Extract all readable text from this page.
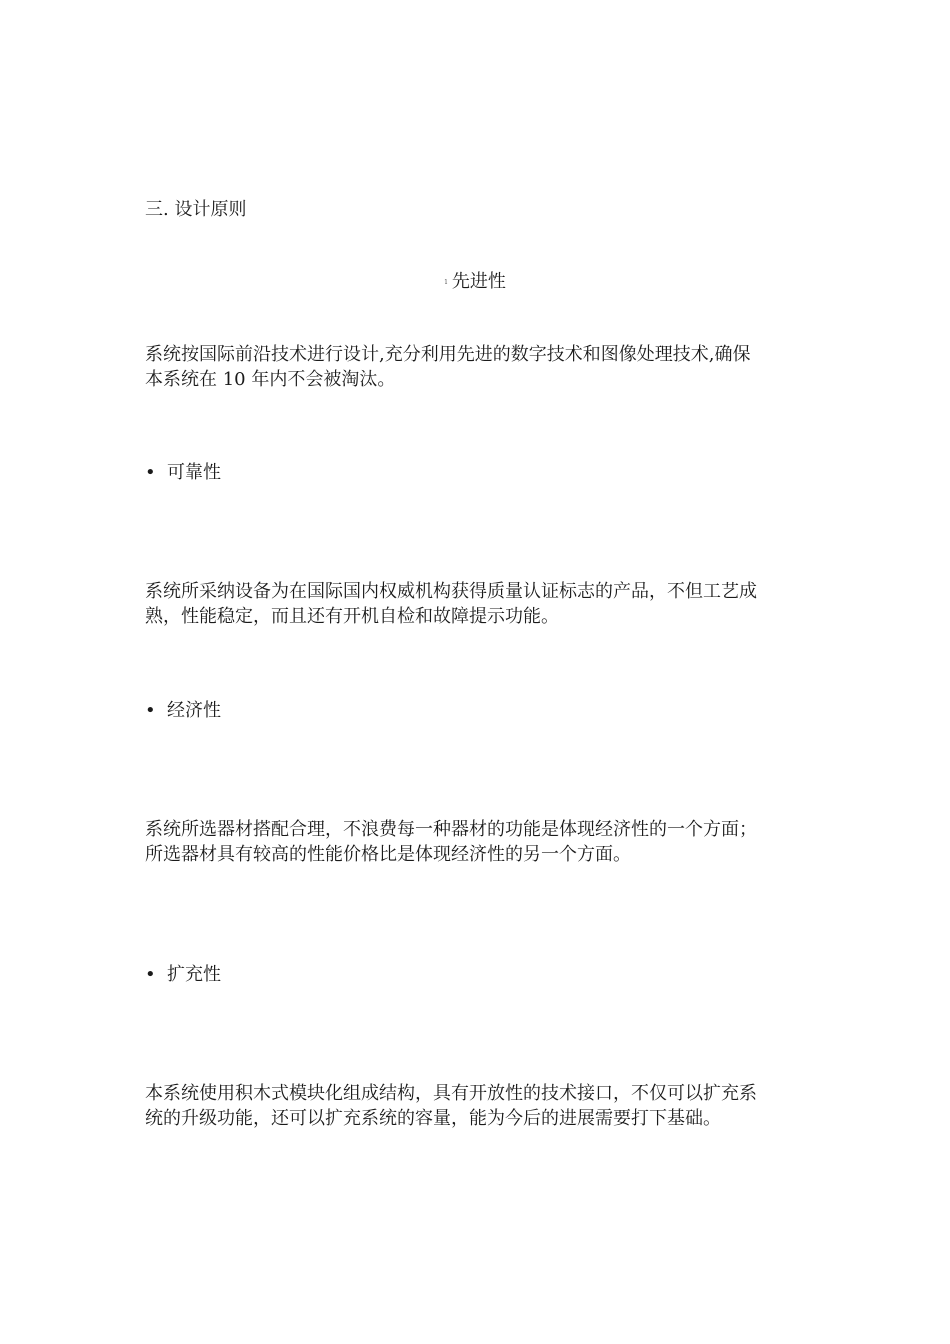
三. 设计原则
1 先进性
系统按国际前沿技术进行设计,充分利用先进的数字技术和图像处理技术,确保
本系统在 10 年内不会被淘汰。
• 可靠性
系统所采纳设备为在国际国内权威机构获得质量认证标志的产品，不但工艺成
熟，性能稳定，而且还有开机自检和故障提示功能。
• 经济性
系统所选器材搭配合理，不浪费每一种器材的功能是体现经济性的一个方面；
所选器材具有较高的性能价格比是体现经济性的另一个方面。
• 扩充性
本系统使用积木式模块化组成结构，具有开放性的技术接口，不仅可以扩充系
统的升级功能，还可以扩充系统的容量，能为今后的进展需要打下基础。
